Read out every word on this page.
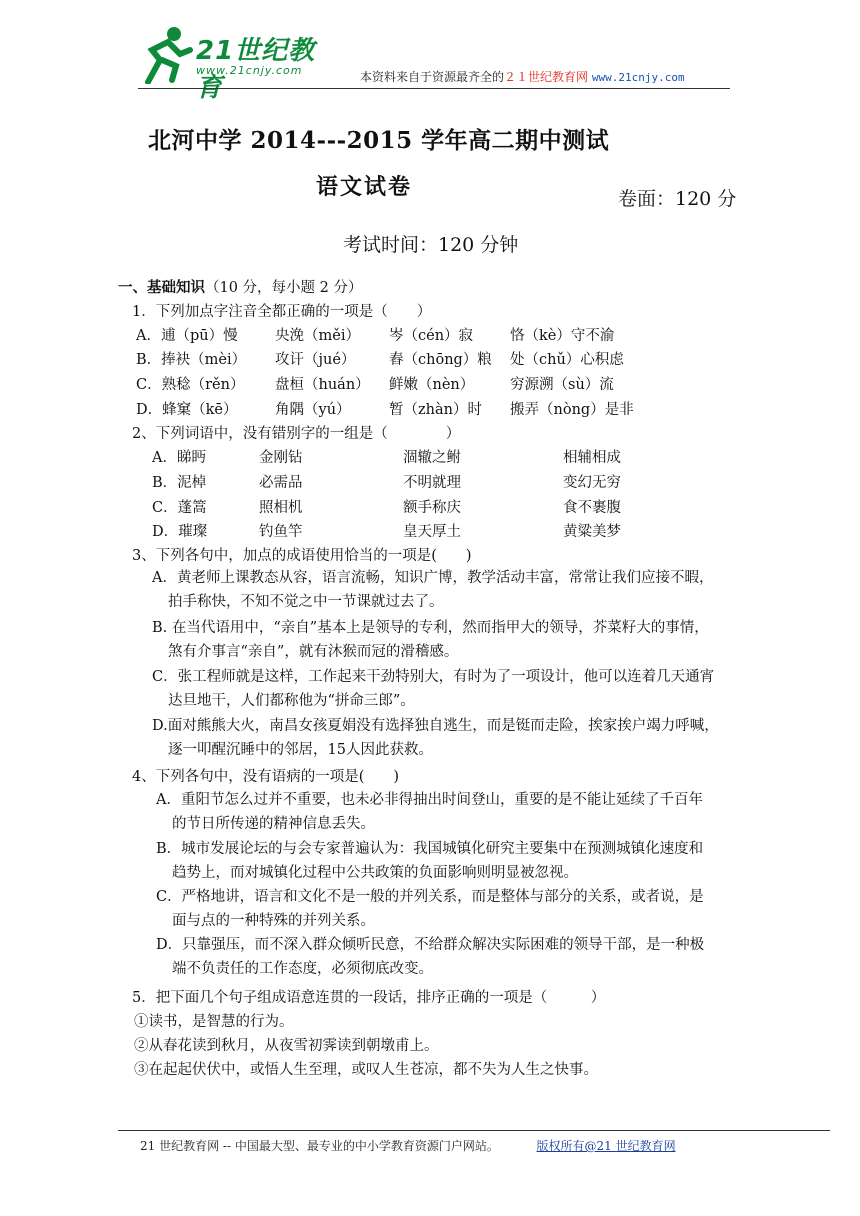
21世纪教育
www.21cnjy.com	本资料来自于资源最齐全的２１世纪教育网 www.21cnjy.com
北河中学 2014---2015 学年高二期中测试
语文试卷	卷面：120 分
考试时间：120 分钟
一、基础知识（10 分，每小题 2 分）
1．下列加点字注音全都正确的一项是（　　）
A．逋（pū）慢	央浼（měi） 岑（cén）寂	恪（kè）守不渝
B．捧袂（mèi） 攻讦（jué） 舂（chōng）粮 处（chǔ）心积虑
C．熟稔（rěn） 盘桓（huán） 鲜嫩（nèn） 穷源溯（sù）流
D．蜂窠（kē）	角隅（yú）	暂（zhàn）时 搬弄（nòng）是非
2、下列词语中，没有错别字的一组是（　　　　）
A．睇眄	金刚钻	涸辙之鲋	相辅相成
B．泥棹	必需品	不明就理	变幻无穷
C．蓬篙	照相机	额手称庆	食不裹腹
D．璀璨	钓鱼竿	皇天厚土	黄粱美梦
3、下列各句中，加点的成语使用恰当的一项是(　　)
A．黄老师上课教态从容，语言流畅，知识广博，教学活动丰富，常常让我们应接不暇，
拍手称快，不知不觉之中一节课就过去了。
B. 在当代语用中，“亲自”基本上是领导的专利，然而指甲大的领导，芥菜籽大的事情，
煞有介事言“亲自”，就有沐猴而冠的滑稽感。
C．张工程师就是这样，工作起来干劲特别大，有时为了一项设计，他可以连着几天通宵
达旦地干，人们都称他为“拼命三郎”。
D.面对熊熊大火，南昌女孩夏娟没有选择独自逃生，而是铤而走险，挨家挨户竭力呼喊，
逐一叩醒沉睡中的邻居，15人因此获救。
4、下列各句中，没有语病的一项是(　　)
A．重阳节怎么过并不重要，也未必非得抽出时间登山，重要的是不能让延续了千百年
的节日所传递的精神信息丢失。
B．城市发展论坛的与会专家普遍认为：我国城镇化研究主要集中在预测城镇化速度和
趋势上，而对城镇化过程中公共政策的负面影响则明显被忽视。
C．严格地讲，语言和文化不是一般的并列关系，而是整体与部分的关系，或者说，是
面与点的一种特殊的并列关系。
D．只靠强压，而不深入群众倾听民意，不给群众解决实际困难的领导干部，是一种极
端不负责任的工作态度，必须彻底改变。
5．把下面几个句子组成语意连贯的一段话，排序正确的一项是（　　　）
①读书，是智慧的行为。
②从春花读到秋月，从夜雪初霁读到朝墩甫上。
③在起起伏伏中，或悟人生至理，或叹人生苍凉，都不失为人生之快事。
21 世纪教育网 -- 中国最大型、最专业的中小学教育资源门户网站。	版权所有@21 世纪教育网
